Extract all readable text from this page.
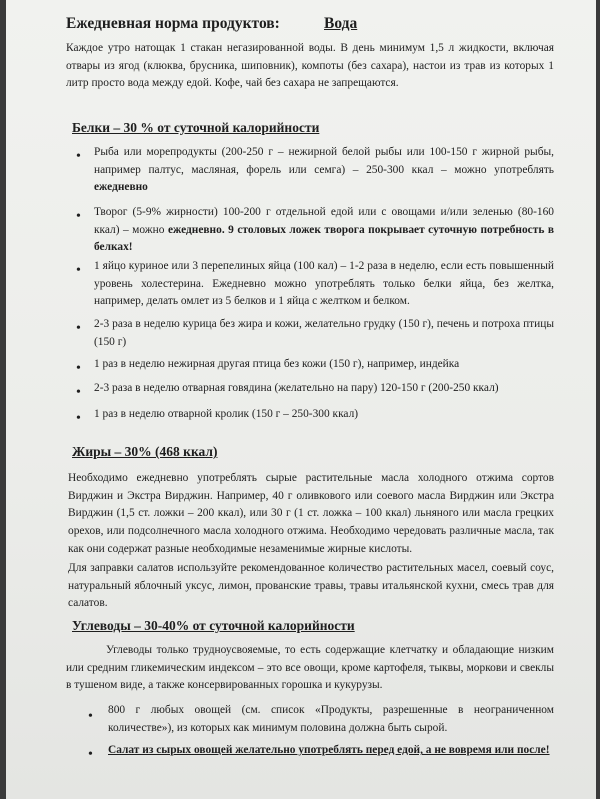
Ежедневная норма продуктов:	Вода
Каждое утро натощак 1 стакан негазированной воды. В день минимум 1,5 л жидкости, включая отвары из ягод (клюква, брусника, шиповник), компоты (без сахара), настои из трав из которых 1 литр просто вода между едой. Кофе, чай без сахара не запрещаются.
Белки – 30 % от суточной калорийности
• Рыба или морепродукты (200-250 г – нежирной белой рыбы или 100-150 г жирной рыбы, например палтус, масляная, форель или семга) – 250-300 ккал – можно употреблять ежедневно
• Творог (5-9% жирности) 100-200 г отдельной едой или с овощами и/или зеленью (80-160 ккал) – можно ежедневно. 9 столовых ложек творога покрывает суточную потребность в белках!
• 1 яйцо куриное или 3 перепелиных яйца (100 кал) – 1-2 раза в неделю, если есть повышенный уровень холестерина. Ежедневно можно употреблять только белки яйца, без желтка, например, делать омлет из 5 белков и 1 яйца с желтком и белком.
• 2-3 раза в неделю курица без жира и кожи, желательно грудку (150 г), печень и потроха птицы (150 г)
• 1 раз в неделю нежирная другая птица без кожи (150 г), например, индейка
• 2-3 раза в неделю отварная говядина (желательно на пару) 120-150 г (200-250 ккал)
• 1 раз в неделю отварной кролик (150 г – 250-300 ккал)
Жиры – 30% (468 ккал)
Необходимо ежедневно употреблять сырые растительные масла холодного отжима сортов Вирджин и Экстра Вирджин. Например, 40 г оливкового или соевого масла Вирджин или Экстра Вирджин (1,5 ст. ложки – 200 ккал), или 30 г (1 ст. ложка – 100 ккал) льняного или масла грецких орехов, или подсолнечного масла холодного отжима. Необходимо чередовать различные масла, так как они содержат разные необходимые незаменимые жирные кислоты.
Для заправки салатов используйте рекомендованное количество растительных масел, соевый соус, натуральный яблочный уксус, лимон, прованские травы, травы итальянской кухни, смесь трав для салатов.
Углеводы – 30-40% от суточной калорийности
Углеводы только трудноусвояемые, то есть содержащие клетчатку и обладающие низким или средним гликемическим индексом – это все овощи, кроме картофеля, тыквы, моркови и свеклы в тушеном виде, а также консервированных горошка и кукурузы.
• 800 г любых овощей (см. список «Продукты, разрешенные в неограниченном количестве»), из которых как минимум половина должна быть сырой.
• Салат из сырых овощей желательно употреблять перед едой, а не вовремя или после!
